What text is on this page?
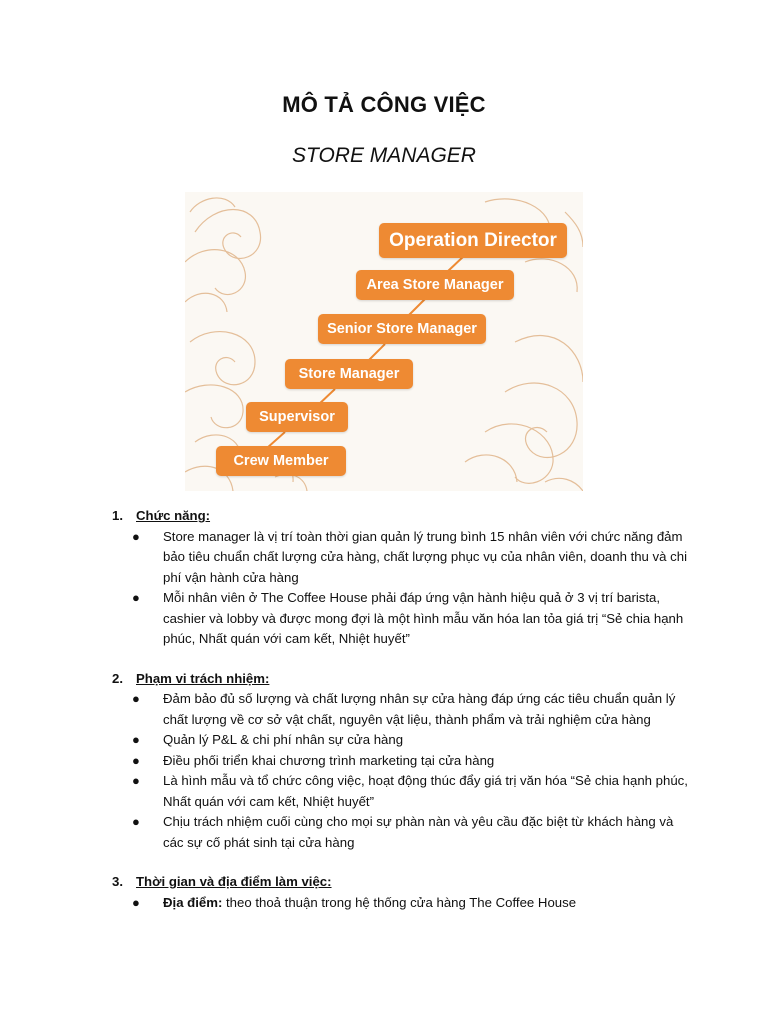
MÔ TẢ CÔNG VIỆC
STORE MANAGER
Operation Director
Area Store Manager
Senior Store Manager
Store Manager
Supervisor
Crew Member
1. Chức năng:
● Store manager là vị trí toàn thời gian quản lý trung bình 15 nhân viên với chức năng đảm bảo tiêu chuẩn chất lượng cửa hàng, chất lượng phục vụ của nhân viên, doanh thu và chi phí vận hành cửa hàng
● Mỗi nhân viên ở The Coffee House phải đáp ứng vận hành hiệu quả ở 3 vị trí barista, cashier và lobby và được mong đợi là một hình mẫu văn hóa lan tỏa giá trị “Sẻ chia hạnh phúc, Nhất quán với cam kết, Nhiệt huyết”
2. Phạm vi trách nhiệm:
● Đảm bảo đủ số lượng và chất lượng nhân sự cửa hàng đáp ứng các tiêu chuẩn quản lý chất lượng về cơ sở vật chất, nguyên vật liệu, thành phẩm và trải nghiệm cửa hàng
● Quản lý P&L & chi phí nhân sự cửa hàng
● Điều phối triển khai chương trình marketing tại cửa hàng
● Là hình mẫu và tổ chức công việc, hoạt động thúc đẩy giá trị văn hóa “Sẻ chia hạnh phúc, Nhất quán với cam kết, Nhiệt huyết”
● Chịu trách nhiệm cuối cùng cho mọi sự phàn nàn và yêu cầu đặc biệt từ khách hàng và các sự cố phát sinh tại cửa hàng
3. Thời gian và địa điểm làm việc:
● Địa điểm: theo thoả thuận trong hệ thống cửa hàng The Coffee House
